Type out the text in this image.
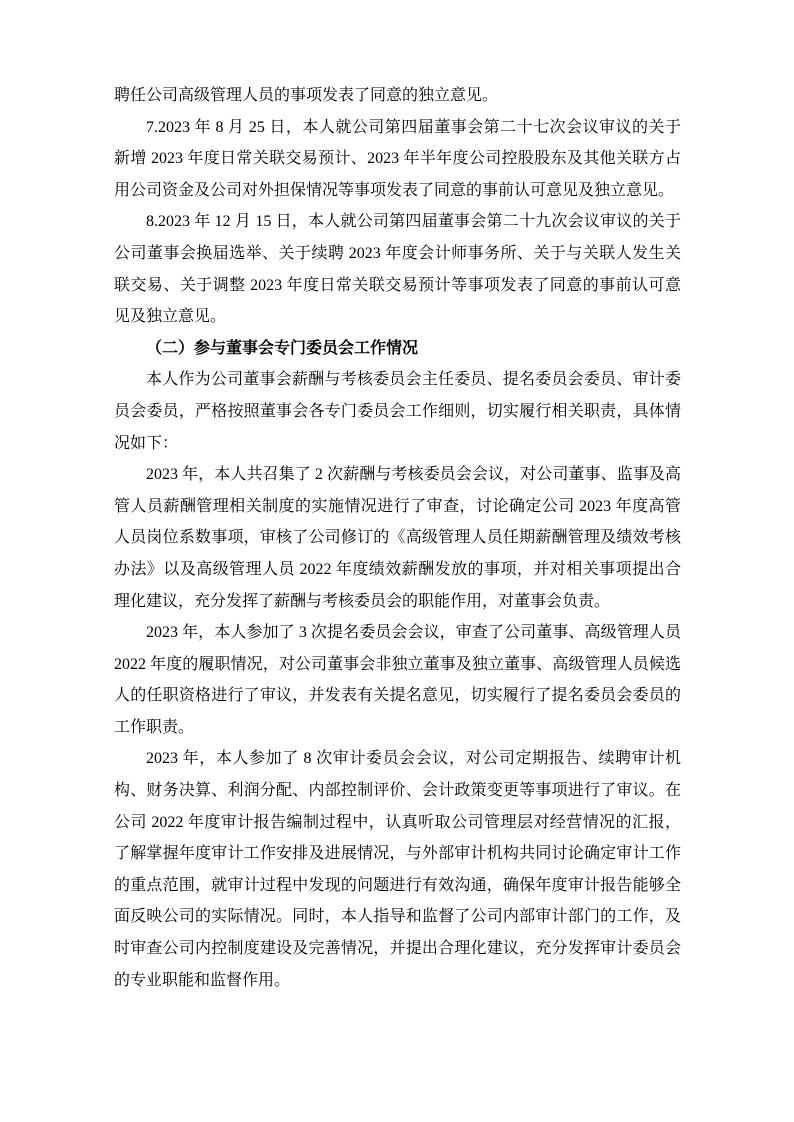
聘任公司高级管理人员的事项发表了同意的独立意见。

7.2023 年 8 月 25 日，本人就公司第四届董事会第二十七次会议审议的关于新增 2023 年度日常关联交易预计、2023 年半年度公司控股股东及其他关联方占用公司资金及公司对外担保情况等事项发表了同意的事前认可意见及独立意见。

8.2023 年 12 月 15 日，本人就公司第四届董事会第二十九次会议审议的关于公司董事会换届选举、关于续聘 2023 年度会计师事务所、关于与关联人发生关联交易、关于调整 2023 年度日常关联交易预计等事项发表了同意的事前认可意见及独立意见。

（二）参与董事会专门委员会工作情况

本人作为公司董事会薪酬与考核委员会主任委员、提名委员会委员、审计委员会委员，严格按照董事会各专门委员会工作细则，切实履行相关职责，具体情况如下：

2023 年，本人共召集了 2 次薪酬与考核委员会会议，对公司董事、监事及高管人员薪酬管理相关制度的实施情况进行了审查，讨论确定公司 2023 年度高管人员岗位系数事项，审核了公司修订的《高级管理人员任期薪酬管理及绩效考核办法》以及高级管理人员 2022 年度绩效薪酬发放的事项，并对相关事项提出合理化建议，充分发挥了薪酬与考核委员会的职能作用，对董事会负责。

2023 年，本人参加了 3 次提名委员会会议，审查了公司董事、高级管理人员 2022 年度的履职情况，对公司董事会非独立董事及独立董事、高级管理人员候选人的任职资格进行了审议，并发表有关提名意见，切实履行了提名委员会委员的工作职责。

2023 年，本人参加了 8 次审计委员会会议，对公司定期报告、续聘审计机构、财务决算、利润分配、内部控制评价、会计政策变更等事项进行了审议。在公司 2022 年度审计报告编制过程中，认真听取公司管理层对经营情况的汇报，了解掌握年度审计工作安排及进展情况，与外部审计机构共同讨论确定审计工作的重点范围，就审计过程中发现的问题进行有效沟通，确保年度审计报告能够全面反映公司的实际情况。同时，本人指导和监督了公司内部审计部门的工作，及时审查公司内控制度建设及完善情况，并提出合理化建议，充分发挥审计委员会的专业职能和监督作用。
